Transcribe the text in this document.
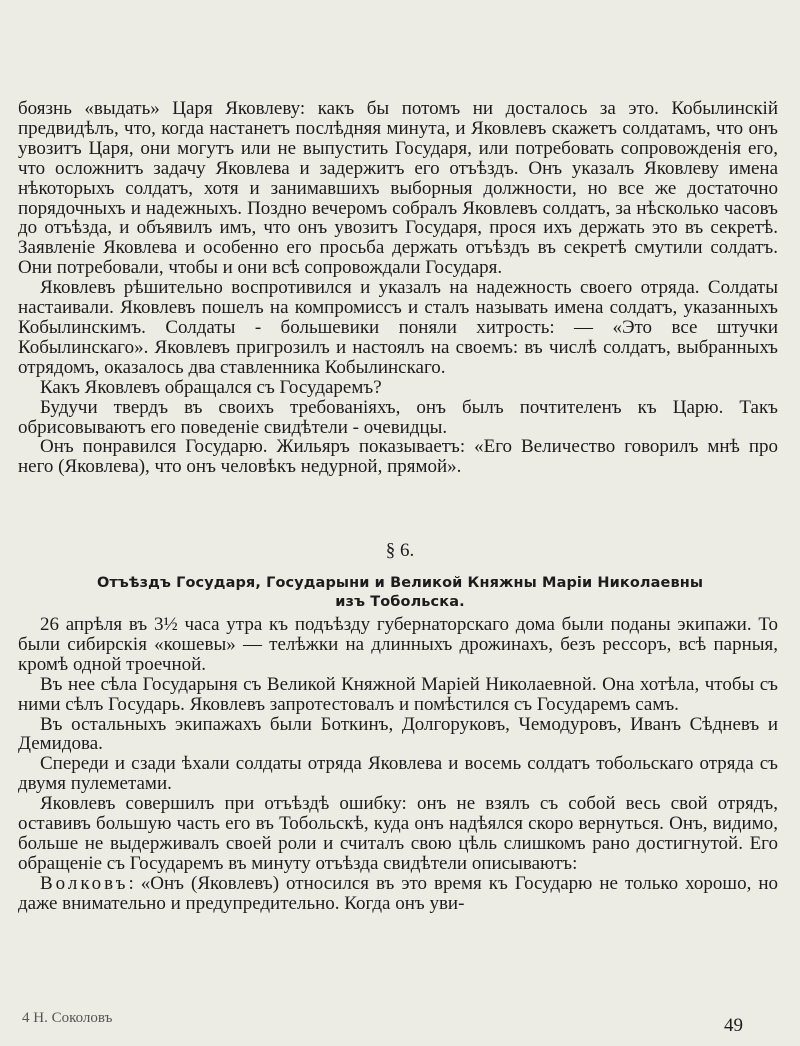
боязнь «выдать» Царя Яковлеву: какъ бы потомъ ни досталось за это. Кобылинскій предвидѣлъ, что, когда настанетъ послѣдняя минута, и Яковлевъ скажетъ солдатамъ, что онъ увозитъ Царя, они могутъ или не выпустить Государя, или потребовать сопровожденія его, что осложнитъ задачу Яковлева и задержитъ его отъѣздъ. Онъ указалъ Яковлеву имена нѣкоторыхъ солдатъ, хотя и занимавшихъ выборныя должности, но все же достаточно порядочныхъ и надежныхъ. Поздно вечеромъ собралъ Яковлевъ солдатъ, за нѣсколько часовъ до отъѣзда, и объявилъ имъ, что онъ увозитъ Государя, прося ихъ держать это въ секретѣ. Заявленіе Яковлева и особенно его просьба держать отъѣздъ въ секретѣ смутили солдатъ. Они потребовали, чтобы и они всѣ сопровождали Государя.

Яковлевъ рѣшительно воспротивился и указалъ на надежность своего отряда. Солдаты настаивали. Яковлевъ пошелъ на компромиссъ и сталъ называть имена солдатъ, указанныхъ Кобылинскимъ. Солдаты - большевики поняли хитрость: — «Это все штучки Кобылинскаго». Яковлевъ пригрозилъ и настоялъ на своемъ: въ числѣ солдатъ, выбранныхъ отрядомъ, оказалось два ставленника Кобылинскаго.

Какъ Яковлевъ обращался съ Государемъ?

Будучи твердъ въ своихъ требованіяхъ, онъ былъ почтителенъ къ Царю. Такъ обрисовываютъ его поведеніе свидѣтели - очевидцы.

Онъ понравился Государю. Жильяръ показываетъ: «Его Величество говорилъ мнѣ про него (Яковлева), что онъ человѣкъ недурной, прямой».

§ 6.
Отъѣздъ Государя, Государыни и Великой Княжны Маріи Николаевны
изъ Тобольска.

26 апрѣля въ 3½ часа утра къ подъѣзду губернаторскаго дома были поданы экипажи. То были сибирскія «кошевы» — телѣжки на длинныхъ дрожинахъ, безъ рессоръ, всѣ парныя, кромѣ одной троечной.

Въ нее сѣла Государыня съ Великой Княжной Маріей Николаевной. Она хотѣла, чтобы съ ними сѣлъ Государь. Яковлевъ запротестовалъ и помѣстился съ Государемъ самъ.

Въ остальныхъ экипажахъ были Боткинъ, Долгоруковъ, Чемодуровъ, Иванъ Сѣдневъ и Демидова.

Спереди и сзади ѣхали солдаты отряда Яковлева и восемь солдатъ тобольскаго отряда съ двумя пулеметами.

Яковлевъ совершилъ при отъѣздѣ ошибку: онъ не взялъ съ собой весь свой отрядъ, оставивъ большую часть его въ Тобольскѣ, куда онъ надѣялся скоро вернуться. Онъ, видимо, больше не выдерживалъ своей роли и считалъ свою цѣль слишкомъ рано достигнутой. Его обращеніе съ Государемъ въ минуту отъѣзда свидѣтели описываютъ:

Волковъ: «Онъ (Яковлевъ) относился въ это время къ Государю не только хорошо, но даже внимательно и предупредительно. Когда онъ уви-

4 Н. Соколовъ	49
